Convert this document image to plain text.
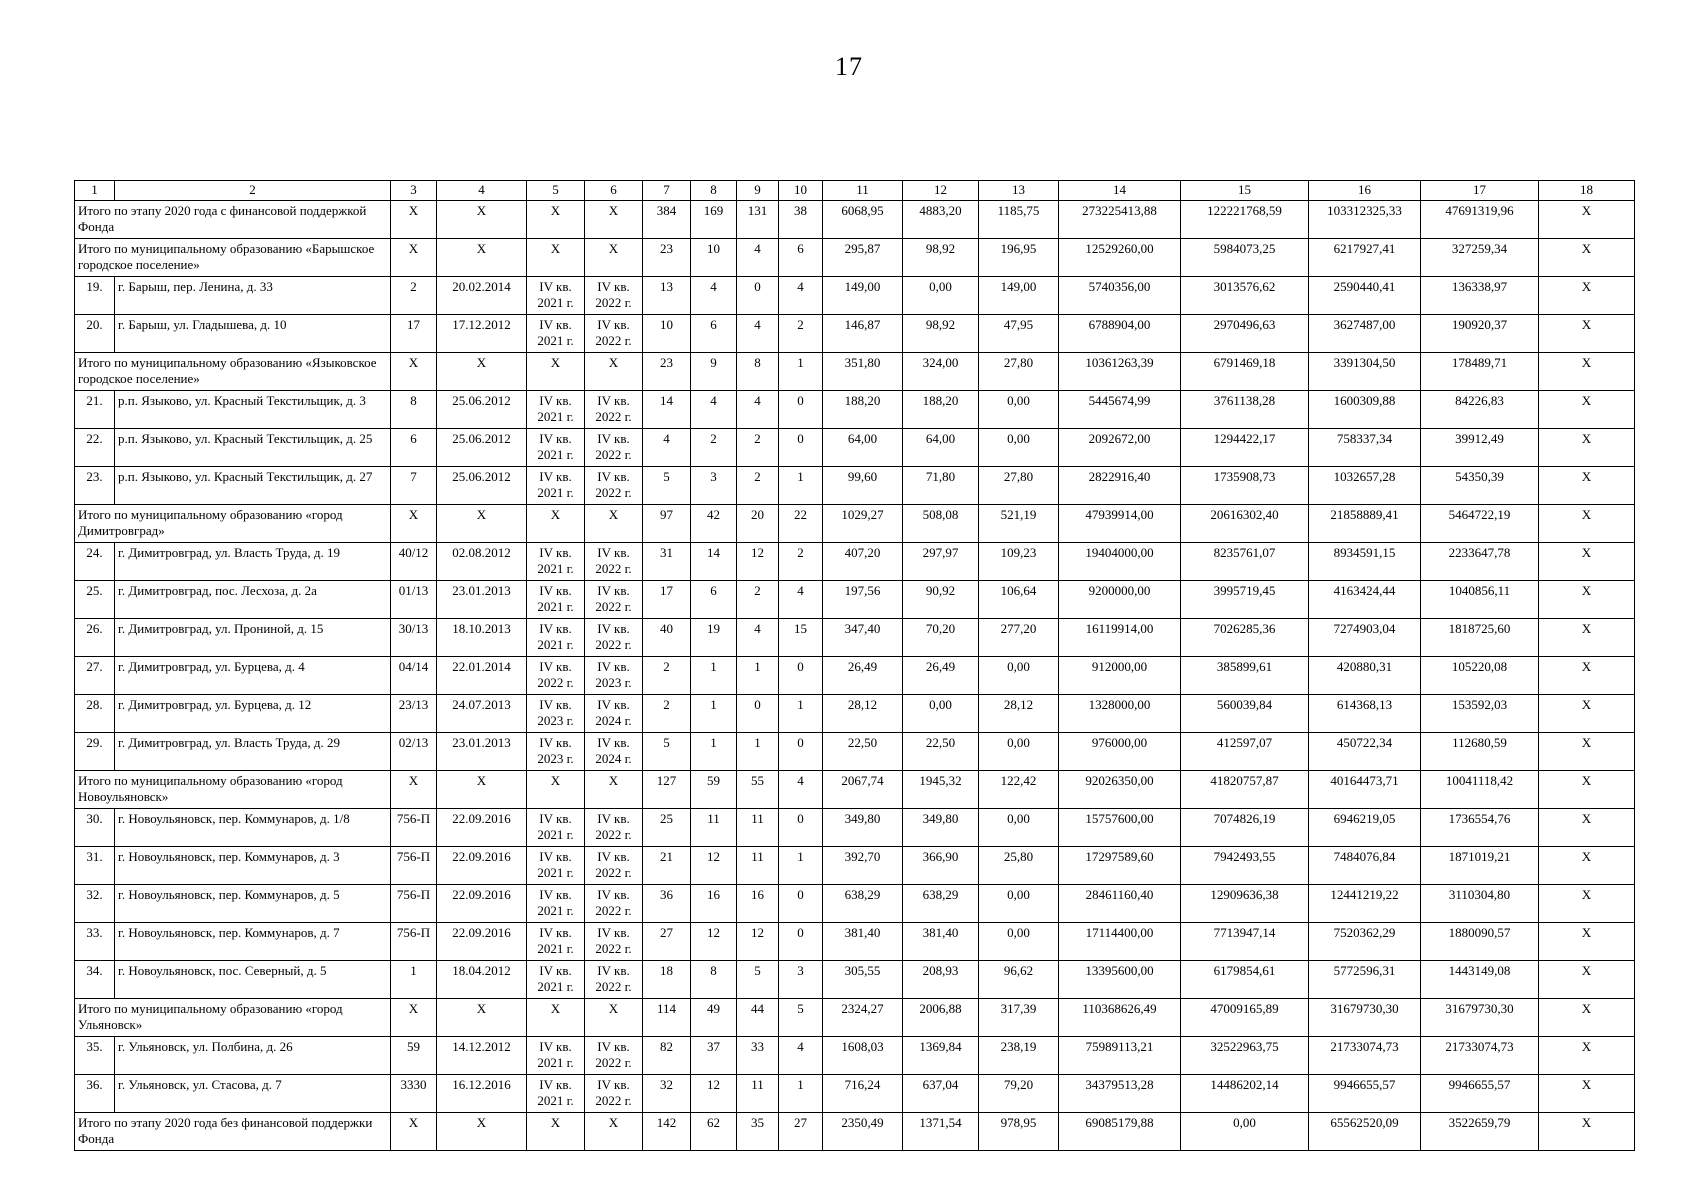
17
1	2	3	4	5	6	7	8	9	10	11	12	13	14	15	16	17	18
Итого по этапу 2020 года с финансовой поддержкой Фонда		X	X	X	X	384	169	131	38	6068,95	4883,20	1185,75	273225413,88	122221768,59	103312325,33	47691319,96	X
Итого по муниципальному образованию «Барышское городское поселение»		X	X	X	X	23	10	4	6	295,87	98,92	196,95	12529260,00	5984073,25	6217927,41	327259,34	X
19.	г. Барыш, пер. Ленина, д. 33	2	20.02.2014	IV кв. 2021 г.	IV кв. 2022 г.	13	4	0	4	149,00	0,00	149,00	5740356,00	3013576,62	2590440,41	136338,97	X
20.	г. Барыш, ул. Гладышева, д. 10	17	17.12.2012	IV кв. 2021 г.	IV кв. 2022 г.	10	6	4	2	146,87	98,92	47,95	6788904,00	2970496,63	3627487,00	190920,37	X
Итого по муниципальному образованию «Языковское городское поселение»		X	X	X	X	23	9	8	1	351,80	324,00	27,80	10361263,39	6791469,18	3391304,50	178489,71	X
21.	р.п. Языково, ул. Красный Текстильщик, д. 3	8	25.06.2012	IV кв. 2021 г.	IV кв. 2022 г.	14	4	4	0	188,20	188,20	0,00	5445674,99	3761138,28	1600309,88	84226,83	X
22.	р.п. Языково, ул. Красный Текстильщик, д. 25	6	25.06.2012	IV кв. 2021 г.	IV кв. 2022 г.	4	2	2	0	64,00	64,00	0,00	2092672,00	1294422,17	758337,34	39912,49	X
23.	р.п. Языково, ул. Красный Текстильщик, д. 27	7	25.06.2012	IV кв. 2021 г.	IV кв. 2022 г.	5	3	2	1	99,60	71,80	27,80	2822916,40	1735908,73	1032657,28	54350,39	X
Итого по муниципальному образованию «город Димитровград»		X	X	X	X	97	42	20	22	1029,27	508,08	521,19	47939914,00	20616302,40	21858889,41	5464722,19	X
24.	г. Димитровград, ул. Власть Труда, д. 19	40/12	02.08.2012	IV кв. 2021 г.	IV кв. 2022 г.	31	14	12	2	407,20	297,97	109,23	19404000,00	8235761,07	8934591,15	2233647,78	X
25.	г. Димитровград, пос. Лесхоза, д. 2а	01/13	23.01.2013	IV кв. 2021 г.	IV кв. 2022 г.	17	6	2	4	197,56	90,92	106,64	9200000,00	3995719,45	4163424,44	1040856,11	X
26.	г. Димитровград, ул. Прониной, д. 15	30/13	18.10.2013	IV кв. 2021 г.	IV кв. 2022 г.	40	19	4	15	347,40	70,20	277,20	16119914,00	7026285,36	7274903,04	1818725,60	X
27.	г. Димитровград, ул. Бурцева, д. 4	04/14	22.01.2014	IV кв. 2022 г.	IV кв. 2023 г.	2	1	1	0	26,49	26,49	0,00	912000,00	385899,61	420880,31	105220,08	X
28.	г. Димитровград, ул. Бурцева, д. 12	23/13	24.07.2013	IV кв. 2023 г.	IV кв. 2024 г.	2	1	0	1	28,12	0,00	28,12	1328000,00	560039,84	614368,13	153592,03	X
29.	г. Димитровград, ул. Власть Труда, д. 29	02/13	23.01.2013	IV кв. 2023 г.	IV кв. 2024 г.	5	1	1	0	22,50	22,50	0,00	976000,00	412597,07	450722,34	112680,59	X
Итого по муниципальному образованию «город Новоульяновск»		X	X	X	X	127	59	55	4	2067,74	1945,32	122,42	92026350,00	41820757,87	40164473,71	10041118,42	X
30.	г. Новоульяновск, пер. Коммунаров, д. 1/8	756-П	22.09.2016	IV кв. 2021 г.	IV кв. 2022 г.	25	11	11	0	349,80	349,80	0,00	15757600,00	7074826,19	6946219,05	1736554,76	X
31.	г. Новоульяновск, пер. Коммунаров, д. 3	756-П	22.09.2016	IV кв. 2021 г.	IV кв. 2022 г.	21	12	11	1	392,70	366,90	25,80	17297589,60	7942493,55	7484076,84	1871019,21	X
32.	г. Новоульяновск, пер. Коммунаров, д. 5	756-П	22.09.2016	IV кв. 2021 г.	IV кв. 2022 г.	36	16	16	0	638,29	638,29	0,00	28461160,40	12909636,38	12441219,22	3110304,80	X
33.	г. Новоульяновск, пер. Коммунаров, д. 7	756-П	22.09.2016	IV кв. 2021 г.	IV кв. 2022 г.	27	12	12	0	381,40	381,40	0,00	17114400,00	7713947,14	7520362,29	1880090,57	X
34.	г. Новоульяновск, пос. Северный, д. 5	1	18.04.2012	IV кв. 2021 г.	IV кв. 2022 г.	18	8	5	3	305,55	208,93	96,62	13395600,00	6179854,61	5772596,31	1443149,08	X
Итого по муниципальному образованию «город Ульяновск»		X	X	X	X	114	49	44	5	2324,27	2006,88	317,39	110368626,49	47009165,89	31679730,30	31679730,30	X
35.	г. Ульяновск, ул. Полбина, д. 26	59	14.12.2012	IV кв. 2021 г.	IV кв. 2022 г.	82	37	33	4	1608,03	1369,84	238,19	75989113,21	32522963,75	21733074,73	21733074,73	X
36.	г. Ульяновск, ул. Стасова, д. 7	3330	16.12.2016	IV кв. 2021 г.	IV кв. 2022 г.	32	12	11	1	716,24	637,04	79,20	34379513,28	14486202,14	9946655,57	9946655,57	X
Итого по этапу 2020 года без финансовой поддержки Фонда		X	X	X	X	142	62	35	27	2350,49	1371,54	978,95	69085179,88	0,00	65562520,09	3522659,79	X
